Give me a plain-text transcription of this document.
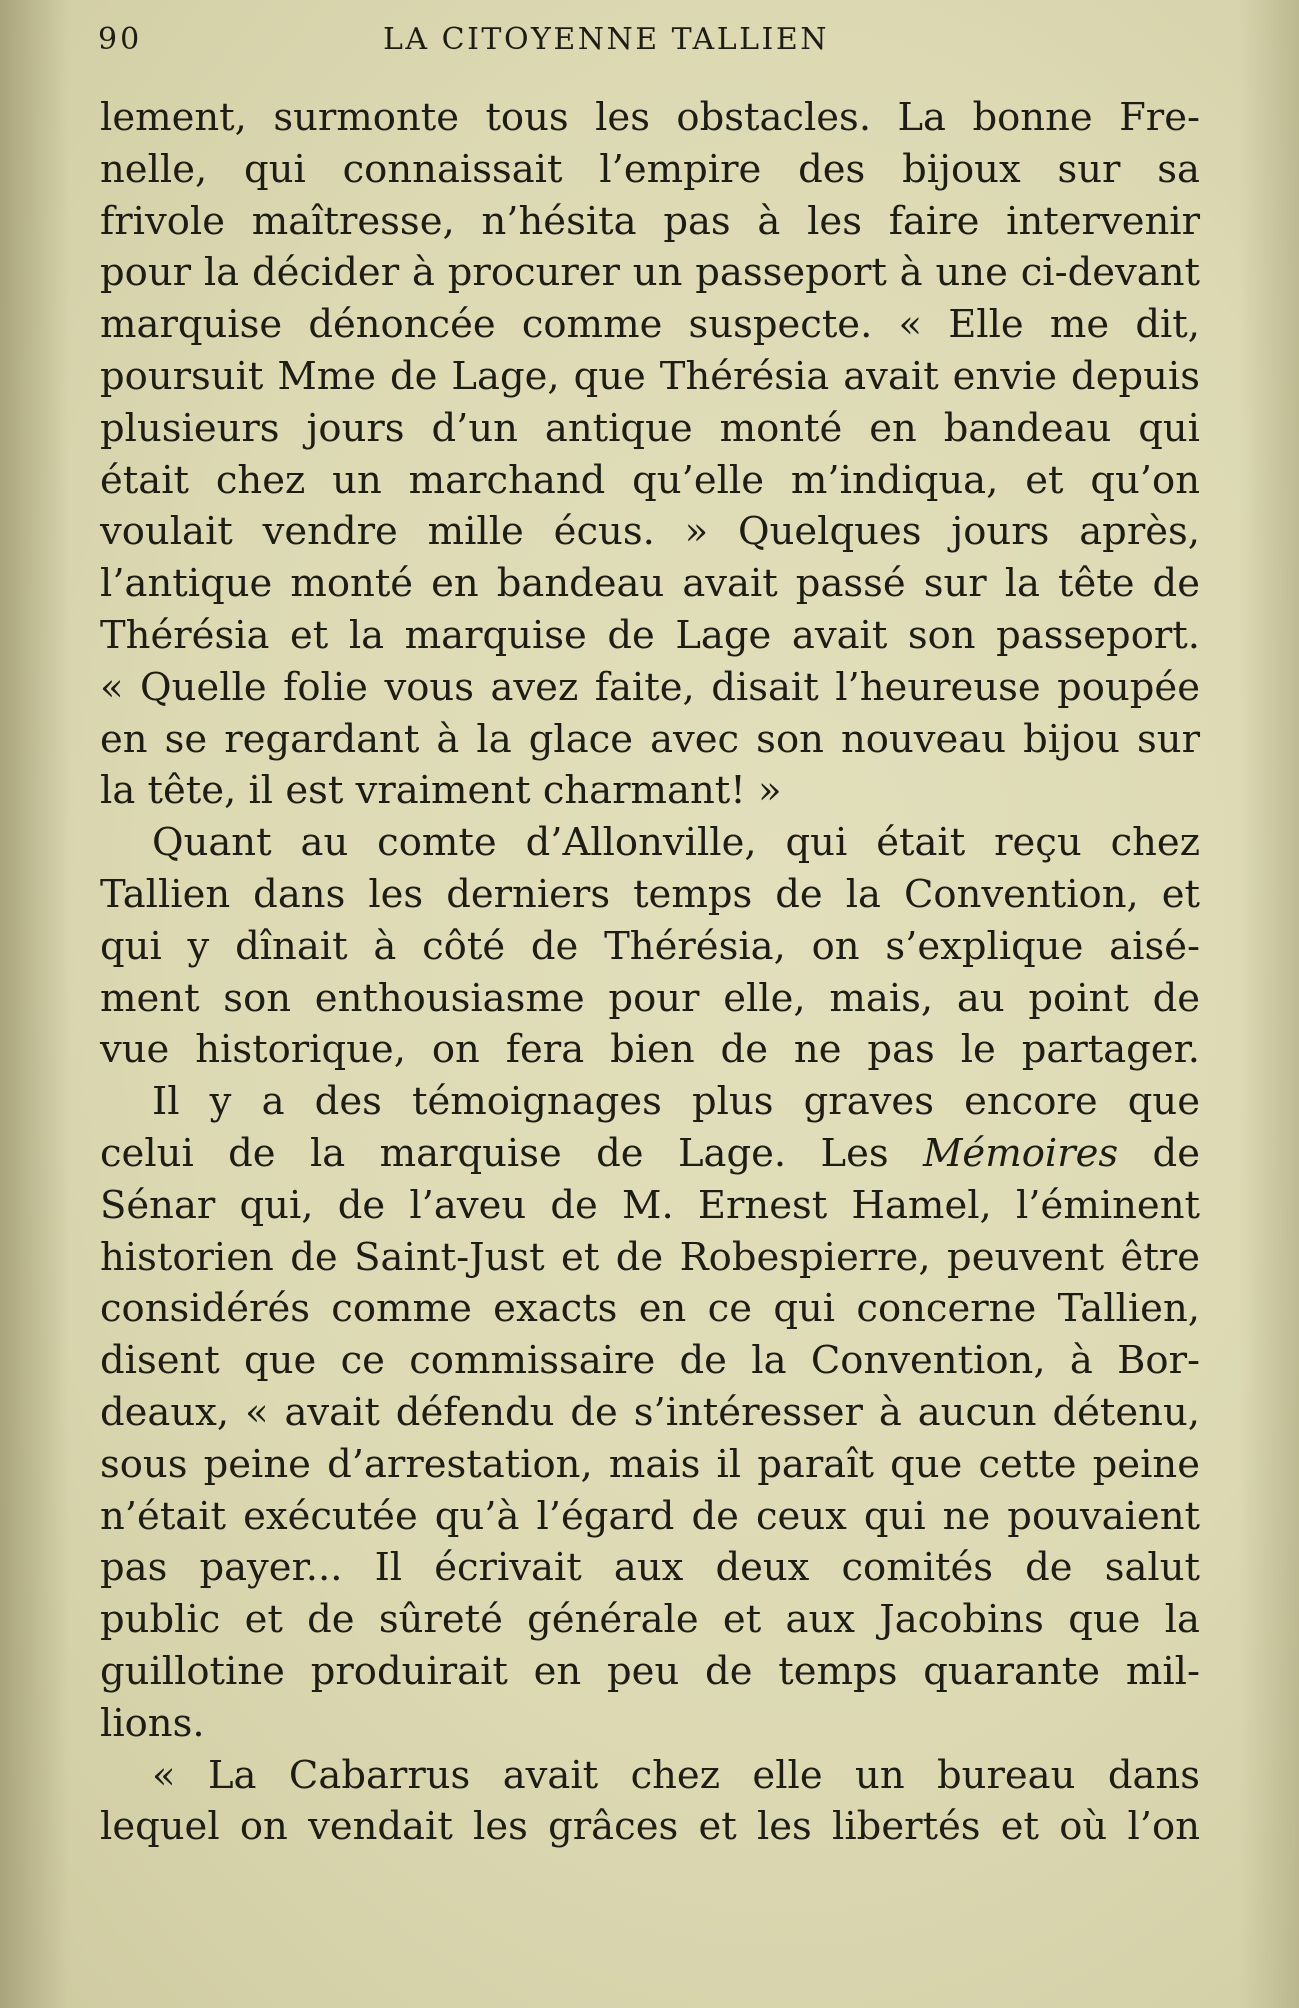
90	LA CITOYENNE TALLIEN
lement, surmonte tous les obstacles. La bonne Fre-
nelle, qui connaissait l’empire des bijoux sur sa
frivole maîtresse, n’hésita pas à les faire intervenir
pour la décider à procurer un passeport à une ci-devant
marquise dénoncée comme suspecte. « Elle me dit,
poursuit Mme de Lage, que Thérésia avait envie depuis
plusieurs jours d’un antique monté en bandeau qui
était chez un marchand qu’elle m’indiqua, et qu’on
voulait vendre mille écus. » Quelques jours après,
l’antique monté en bandeau avait passé sur la tête de
Thérésia et la marquise de Lage avait son passeport.
« Quelle folie vous avez faite, disait l’heureuse poupée
en se regardant à la glace avec son nouveau bijou sur
la tête, il est vraiment charmant! »
Quant au comte d’Allonville, qui était reçu chez
Tallien dans les derniers temps de la Convention, et
qui y dînait à côté de Thérésia, on s’explique aisé-
ment son enthousiasme pour elle, mais, au point de
vue historique, on fera bien de ne pas le partager.
Il y a des témoignages plus graves encore que
celui de la marquise de Lage. Les Mémoires de
Sénar qui, de l’aveu de M. Ernest Hamel, l’éminent
historien de Saint-Just et de Robespierre, peuvent être
considérés comme exacts en ce qui concerne Tallien,
disent que ce commissaire de la Convention, à Bor-
deaux, « avait défendu de s’intéresser à aucun détenu,
sous peine d’arrestation, mais il paraît que cette peine
n’était exécutée qu’à l’égard de ceux qui ne pouvaient
pas payer... Il écrivait aux deux comités de salut
public et de sûreté générale et aux Jacobins que la
guillotine produirait en peu de temps quarante mil-
lions.
« La Cabarrus avait chez elle un bureau dans
lequel on vendait les grâces et les libertés et où l’on
